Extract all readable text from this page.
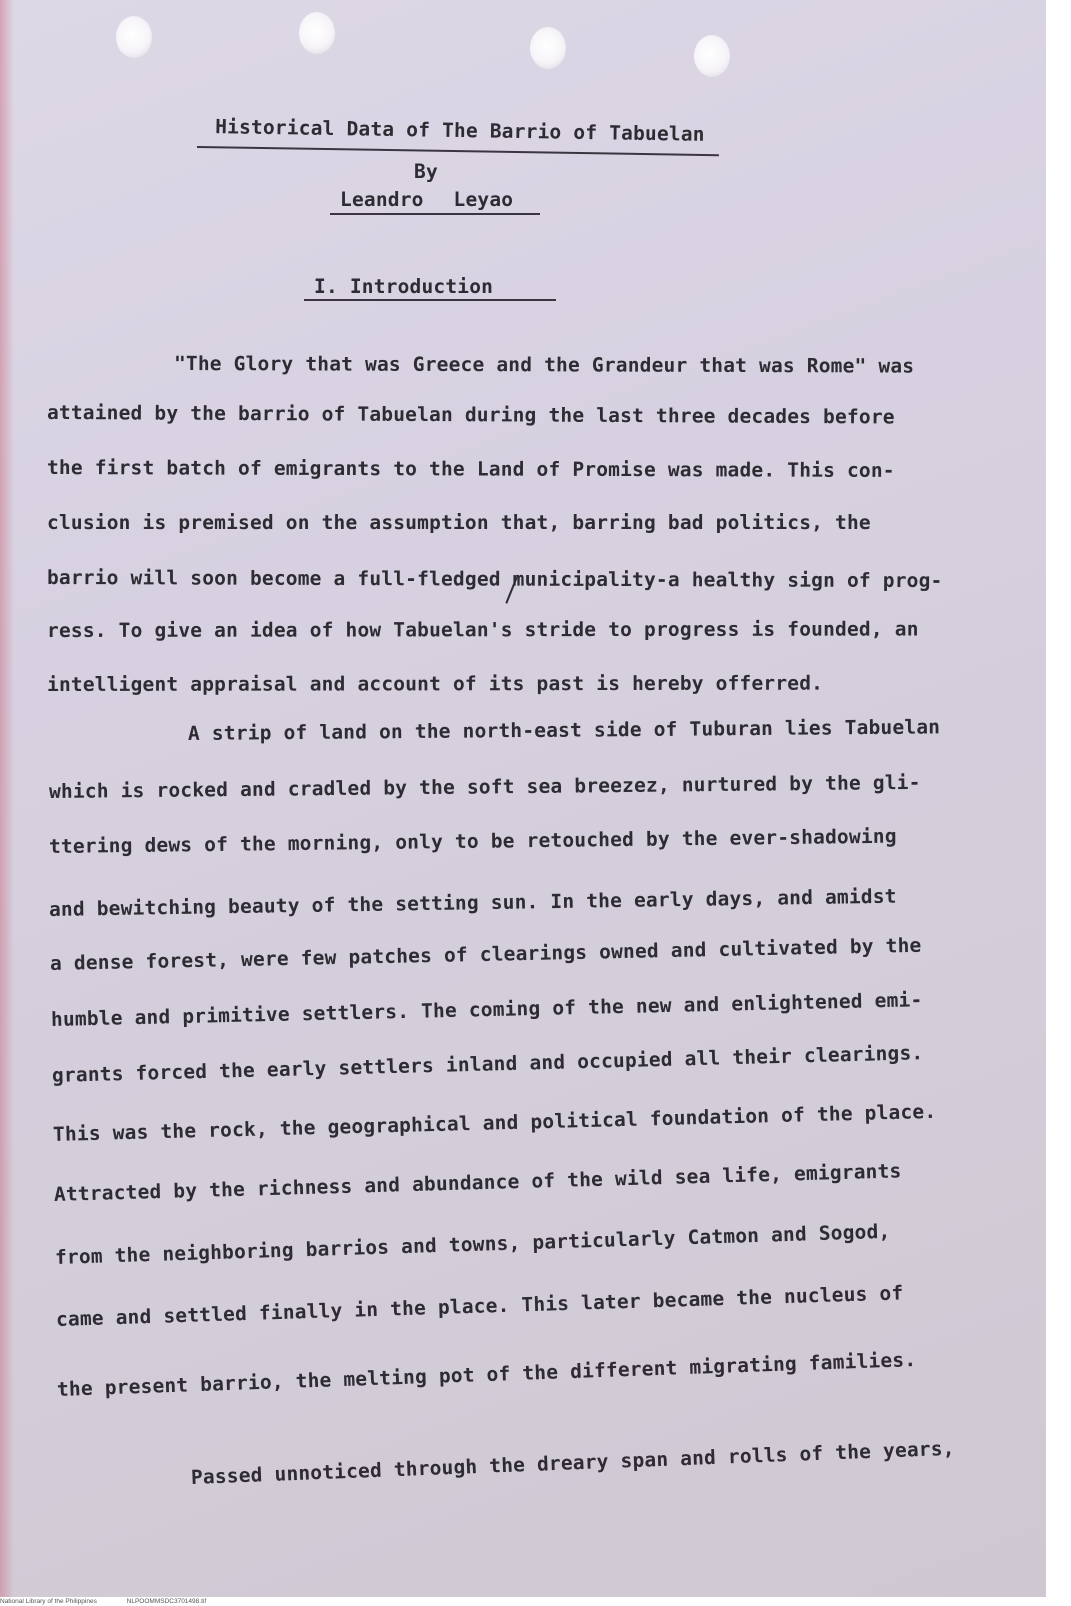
Historical Data of The Barrio of Tabuelan
By
Leandro Leyao
I. Introduction
"The Glory that was Greece and the Grandeur that was Rome" was
attained by the barrio of Tabuelan during the last three decades before
the first batch of emigrants to the Land of Promise was made. This con-
clusion is premised on the assumption that, barring bad politics, the
barrio will soon become a full-fledged municipality-a healthy sign of prog-
ress. To give an idea of how Tabuelan's stride to progress is founded, an
intelligent appraisal and account of its past is hereby offerred.
A strip of land on the north-east side of Tuburan lies Tabuelan
which is rocked and cradled by the soft sea breezez, nurtured by the gli-
ttering dews of the morning, only to be retouched by the ever-shadowing
and bewitching beauty of the setting sun. In the early days, and amidst
a dense forest, were few patches of clearings owned and cultivated by the
humble and primitive settlers. The coming of the new and enlightened emi-
grants forced the early settlers inland and occupied all their clearings.
This was the rock, the geographical and political foundation of the place.
Attracted by the richness and abundance of the wild sea life, emigrants
from the neighboring barrios and towns, particularly Catmon and Sogod,
came and settled finally in the place. This later became the nucleus of
the present barrio, the melting pot of the different migrating families.
Passed unnoticed through the dreary span and rolls of the years,
National Library of the Philippines	NLPOOMMSDC3701498.tif
